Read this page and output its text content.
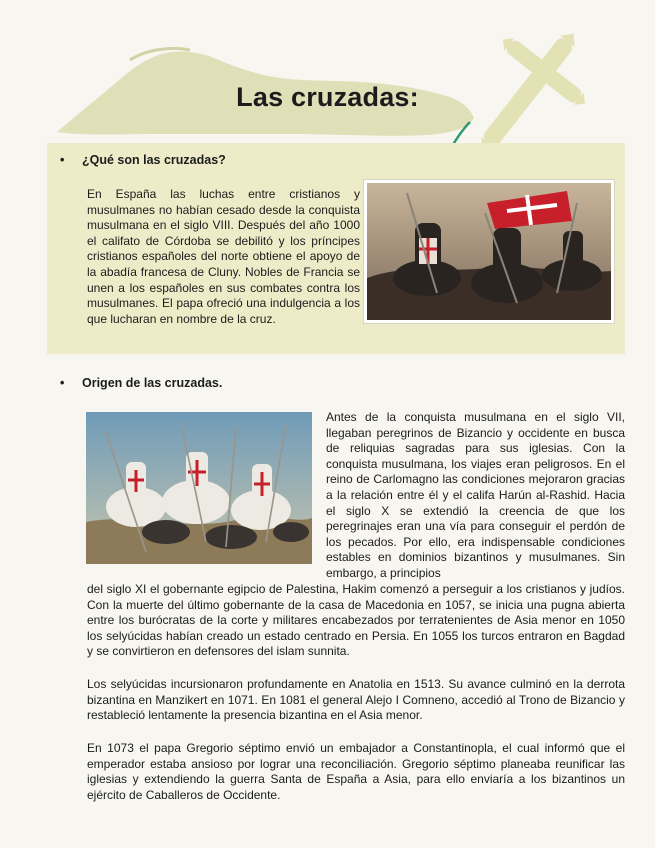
Las cruzadas:
• ¿Qué son las cruzadas?
En España las luchas entre cristianos y musulmanes no habían cesado desde la conquista musulmana en el siglo VIII. Después del año 1000 el califato de Córdoba se debilitó y los príncipes cristianos españoles del norte obtiene el apoyo de la abadía francesa de Cluny. Nobles de Francia se unen a los españoles en sus combates contra los musulmanes. El papa ofreció una indulgencia a los que lucharan en nombre de la cruz.
• Origen de las cruzadas.
Antes de la conquista musulmana en el siglo VII, llegaban peregrinos de Bizancio y occidente en busca de reliquias sagradas para sus iglesias. Con la conquista musulmana, los viajes eran peligrosos. En el reino de Carlomagno las condiciones mejoraron gracias a la relación entre él y el califa Harún al-Rashid. Hacia el siglo X se extendió la creencia de que los peregrinajes eran una vía para conseguir el perdón de los pecados. Por ello, era indispensable condiciones estables en dominios bizantinos y musulmanes. Sin embargo, a principios
del siglo XI el gobernante egipcio de Palestina, Hakim comenzó a perseguir a los cristianos y judíos. Con la muerte del último gobernante de la casa de Macedonia en 1057, se inicia una pugna abierta entre los burócratas de la corte y militares encabezados por terratenientes de Asia menor en 1050 los selyúcidas habían creado un estado centrado en Persia. En 1055 los turcos entraron en Bagdad y se convirtieron en defensores del islam sunnita.
Los selyúcidas incursionaron profundamente en Anatolia en 1513. Su avance culminó en la derrota bizantina en Manzikert en 1071. En 1081 el general Alejo I Comneno, accedió al Trono de Bizancio y restableció lentamente la presencia bizantina en el Asia menor.
En 1073 el papa Gregorio séptimo envió un embajador a Constantinopla, el cual informó que el emperador estaba ansioso por lograr una reconciliación. Gregorio séptimo planeaba reunificar las iglesias y extendiendo la guerra Santa de España a Asia, para ello enviaría a los bizantinos un ejército de Caballeros de Occidente.
